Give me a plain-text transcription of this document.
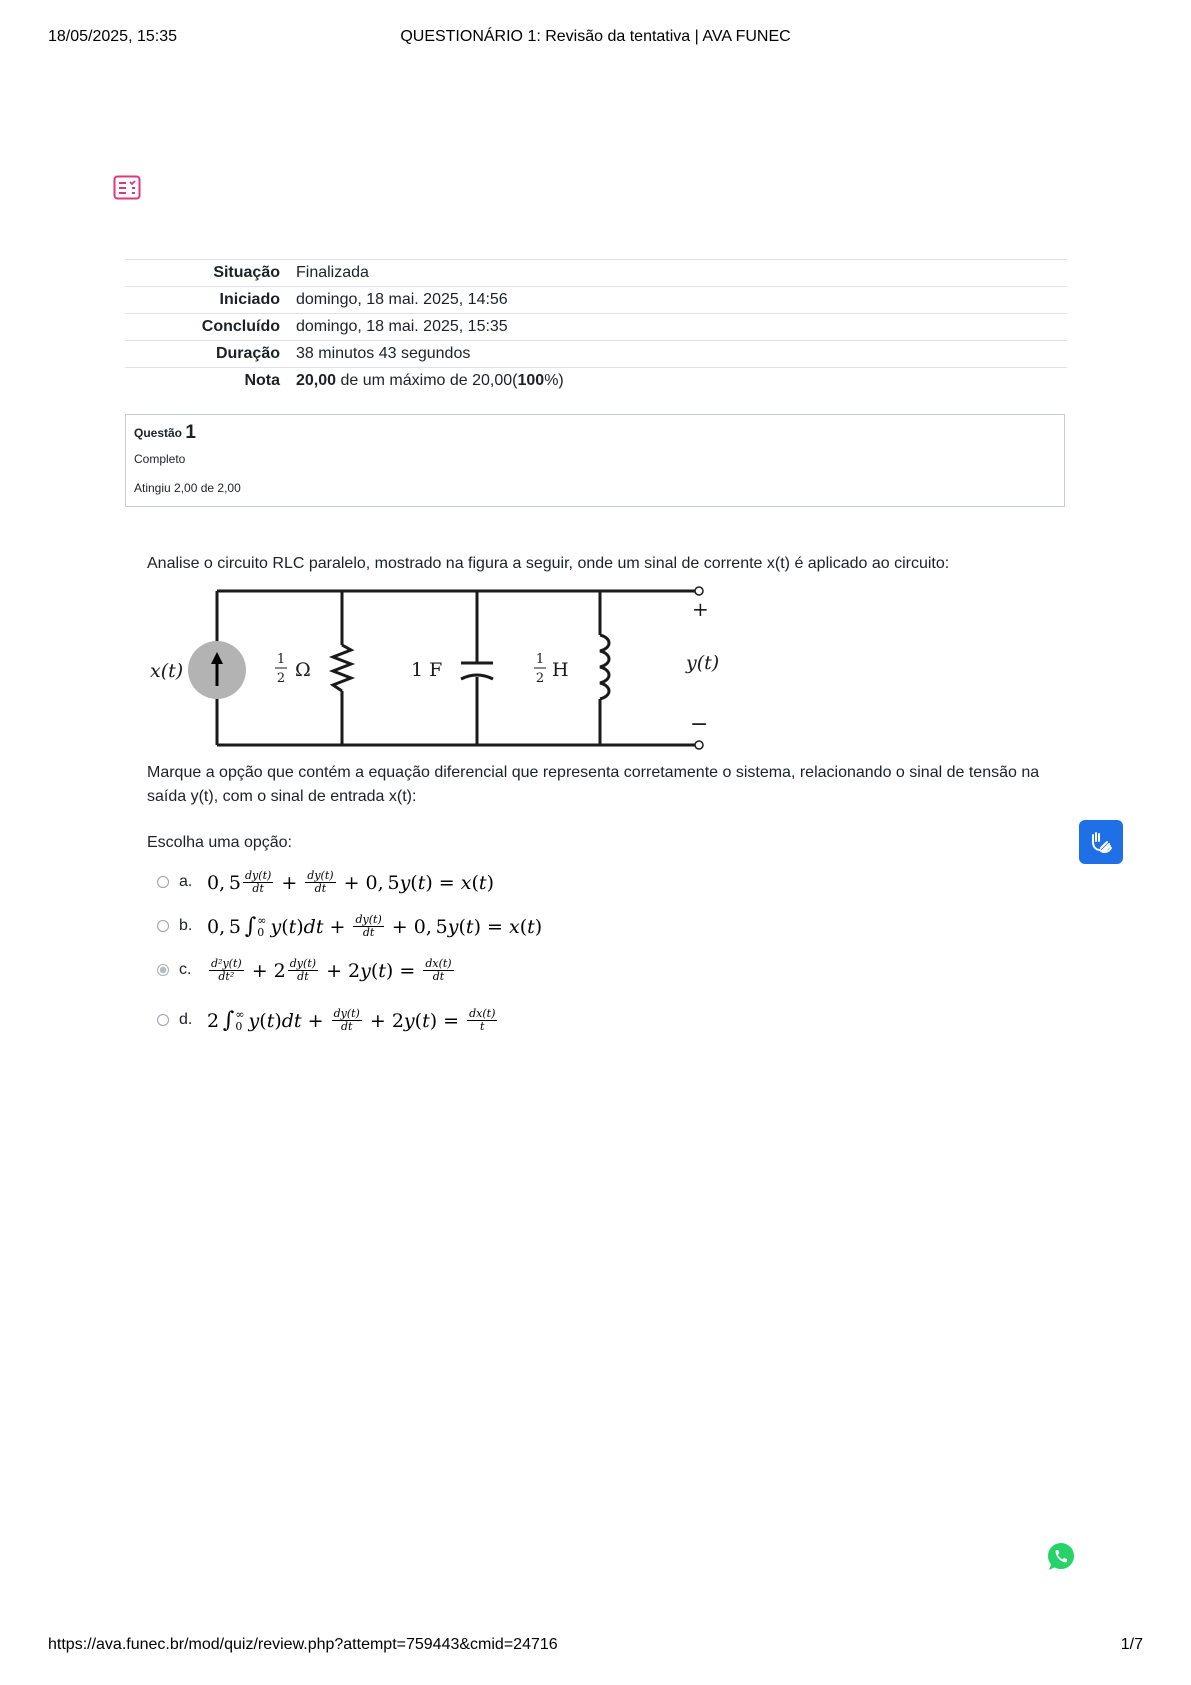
18/05/2025, 15:35	QUESTIONÁRIO 1: Revisão da tentativa | AVA FUNEC
Situação	Finalizada
Iniciado	domingo, 18 mai. 2025, 14:56
Concluído	domingo, 18 mai. 2025, 15:35
Duração	38 minutos 43 segundos
Nota	20,00 de um máximo de 20,00(100%)
Questão 1
Completo
Atingiu 2,00 de 2,00
Analise o circuito RLC paralelo, mostrado na figura a seguir, onde um sinal de corrente x(t) é aplicado ao circuito:
x(t)
1
2 Ω	1 F	1
2 H	y(t)
+
−
Marque a opção que contém a equação diferencial que representa corretamente o sistema, relacionando o sinal de tensão na saída y(t), com o sinal de entrada x(t):
Escolha uma opção:
a. 0, $5 \frac{dy(t)}{dt} + \frac{dy(t)}{dt} + 0$, 5 y ( t ) = x ( t )
b. 0, 5  ∫ ∞
0 y ( t ) dt + $\frac{dy(t)}{dt} + 0$, 5 y ( t ) = x ( t )
c. $\frac{\text{d²y(t)}}{\text{dt²}} + 2 \frac{dy(t)}{dt} + 2$ y ( t ) = $\frac{dx(t)}{dt}$
d. 2  ∫ ∞
0 y ( t ) dt + $\frac{dy(t)}{dt} + 2$ y ( t ) = $\frac{dx(t)}{t}$
https://ava.funec.br/mod/quiz/review.php?attempt=759443&cmid=24716	1/7
